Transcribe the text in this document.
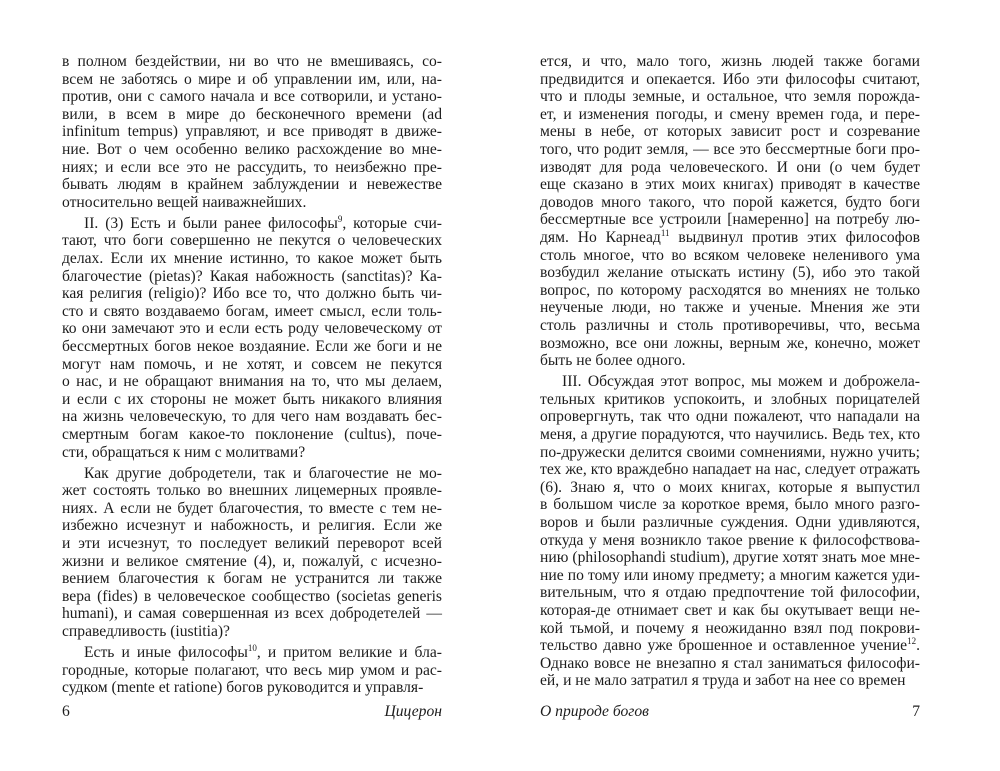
в полном бездействии, ни во что не вмешиваясь, со-
всем не заботясь о мире и об управлении им, или, на-
против, они с самого начала и все сотворили, и устано-
вили, в всем в мире до бесконечного времени (ad
infinitum tempus) управляют, и все приводят в движе-
ние. Вот о чем особенно велико расхождение во мне-
ниях; и если все это не рассудить, то неизбежно пре-
бывать людям в крайнем заблуждении и невежестве
относительно вещей наиважнейших.
II. (3) Есть и были ранее философы$^9$, которые счи-
тают, что боги совершенно не пекутся о человеческих
делах. Если их мнение истинно, то какое может быть
благочестие (pietas)? Какая набожность (sanctitas)? Ка-
кая религия (religio)? Ибо все то, что должно быть чи-
сто и свято воздаваемо богам, имеет смысл, если толь-
ко они замечают это и если есть роду человеческому от
бессмертных богов некое воздаяние. Если же боги и не
могут нам помочь, и не хотят, и совсем не пекутся
о нас, и не обращают внимания на то, что мы делаем,
и если с их стороны не может быть никакого влияния
на жизнь человеческую, то для чего нам воздавать бес-
смертным богам какое-то поклонение (cultus), поче-
сти, обращаться к ним с молитвами?
Как другие добродетели, так и благочестие не мо-
жет состоять только во внешних лицемерных проявле-
ниях. А если не будет благочестия, то вместе с тем не-
избежно исчезнут и набожность, и религия. Если же
и эти исчезнут, то последует великий переворот всей
жизни и великое смятение (4), и, пожалуй, с исчезно-
вением благочестия к богам не устранится ли также
вера (fides) в человеческое сообщество (societas generis
humani), и самая совершенная из всех добродетелей —
справедливость (iustitia)?
Есть и иные философы$^{10}$, и притом великие и бла-
городные, которые полагают, что весь мир умом и рас-
судком (mente et ratione) богов руководится и управля-
ется, и что, мало того, жизнь людей также богами
предвидится и опекается. Ибо эти философы считают,
что и плоды земные, и остальное, что земля порожда-
ет, и изменения погоды, и смену времен года, и пере-
мены в небе, от которых зависит рост и созревание
того, что родит земля, — все это бессмертные боги про-
изводят для рода человеческого. И они (о чем будет
еще сказано в этих моих книгах) приводят в качестве
доводов много такого, что порой кажется, будто боги
бессмертные все устроили [намеренно] на потребу лю-
дям. Но Карнеад$^{11}$ выдвинул против этих философов
столь многое, что во всяком человеке неленивого ума
возбудил желание отыскать истину (5), ибо это такой
вопрос, по которому расходятся во мнениях не только
неученые люди, но также и ученые. Мнения же эти
столь различны и столь противоречивы, что, весьма
возможно, все они ложны, верным же, конечно, может
быть не более одного.
III. Обсуждая этот вопрос, мы можем и доброжела-
тельных критиков успокоить, и злобных порицателей
опровергнуть, так что одни пожалеют, что нападали на
меня, а другие порадуются, что научились. Ведь тех, кто
по-дружески делится своими сомнениями, нужно учить;
тех же, кто враждебно нападает на нас, следует отражать
(6). Знаю я, что о моих книгах, которые я выпустил
в большом числе за короткое время, было много разго-
воров и были различные суждения. Одни удивляются,
откуда у меня возникло такое рвение к философствова-
нию (philosophandi studium), другие хотят знать мое мне-
ние по тому или иному предмету; а многим кажется уди-
вительным, что я отдаю предпочтение той философии,
которая-де отнимает свет и как бы окутывает вещи не-
кой тьмой, и почему я неожиданно взял под покрови-
тельство давно уже брошенное и оставленное учение$^{12}$.
Однако вовсе не внезапно я стал заниматься философи-
ей, и не мало затратил я труда и забот на нее со времен
6	Цицерон	О природе богов	7
